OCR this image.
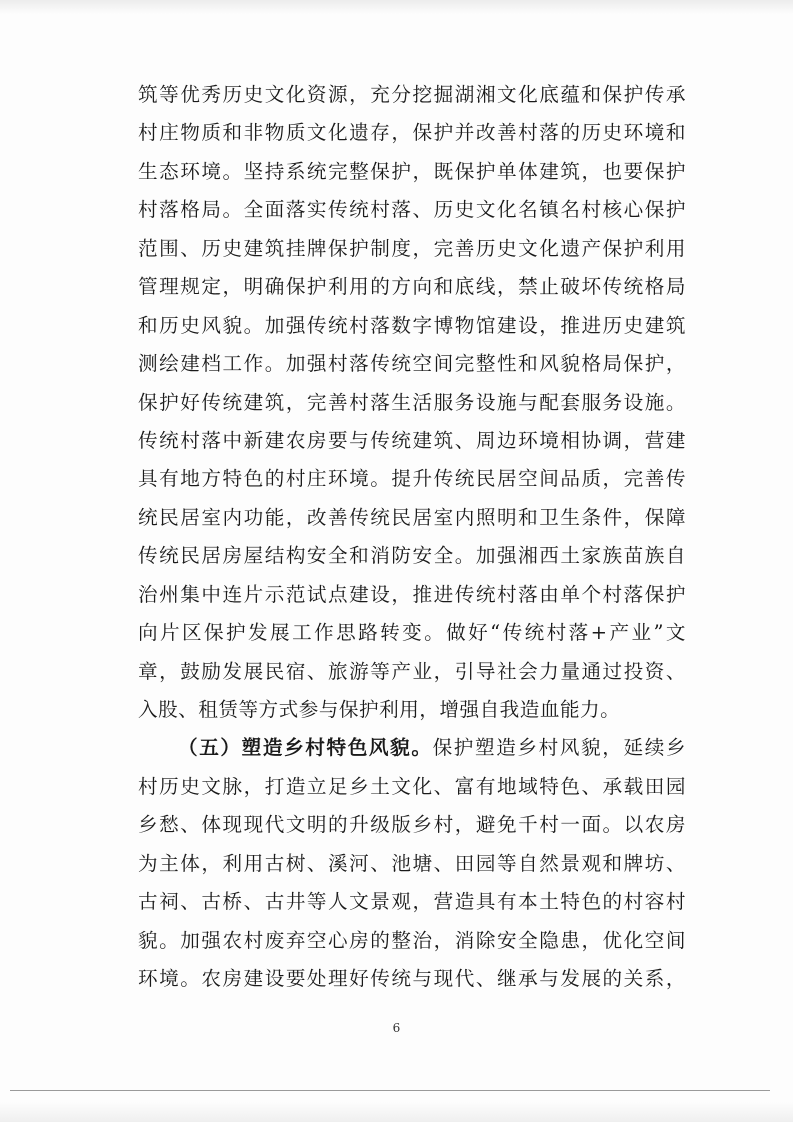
筑等优秀历史文化资源，充分挖掘湖湘文化底蕴和保护传承
村庄物质和非物质文化遗存，保护并改善村落的历史环境和
生态环境。坚持系统完整保护，既保护单体建筑，也要保护
村落格局。全面落实传统村落、历史文化名镇名村核心保护
范围、历史建筑挂牌保护制度，完善历史文化遗产保护利用
管理规定，明确保护利用的方向和底线，禁止破坏传统格局
和历史风貌。加强传统村落数字博物馆建设，推进历史建筑
测绘建档工作。加强村落传统空间完整性和风貌格局保护，
保护好传统建筑，完善村落生活服务设施与配套服务设施。
传统村落中新建农房要与传统建筑、周边环境相协调，营建
具有地方特色的村庄环境。提升传统民居空间品质，完善传
统民居室内功能，改善传统民居室内照明和卫生条件，保障
传统民居房屋结构安全和消防安全。加强湘西土家族苗族自
治州集中连片示范试点建设，推进传统村落由单个村落保护
向片区保护发展工作思路转变。做好“传统村落+产业”文
章，鼓励发展民宿、旅游等产业，引导社会力量通过投资、
入股、租赁等方式参与保护利用，增强自我造血能力。
（五）塑造乡村特色风貌。保护塑造乡村风貌，延续乡
村历史文脉，打造立足乡土文化、富有地域特色、承载田园
乡愁、体现现代文明的升级版乡村，避免千村一面。以农房
为主体，利用古树、溪河、池塘、田园等自然景观和牌坊、
古祠、古桥、古井等人文景观，营造具有本土特色的村容村
貌。加强农村废弃空心房的整治，消除安全隐患，优化空间
环境。农房建设要处理好传统与现代、继承与发展的关系，
6
